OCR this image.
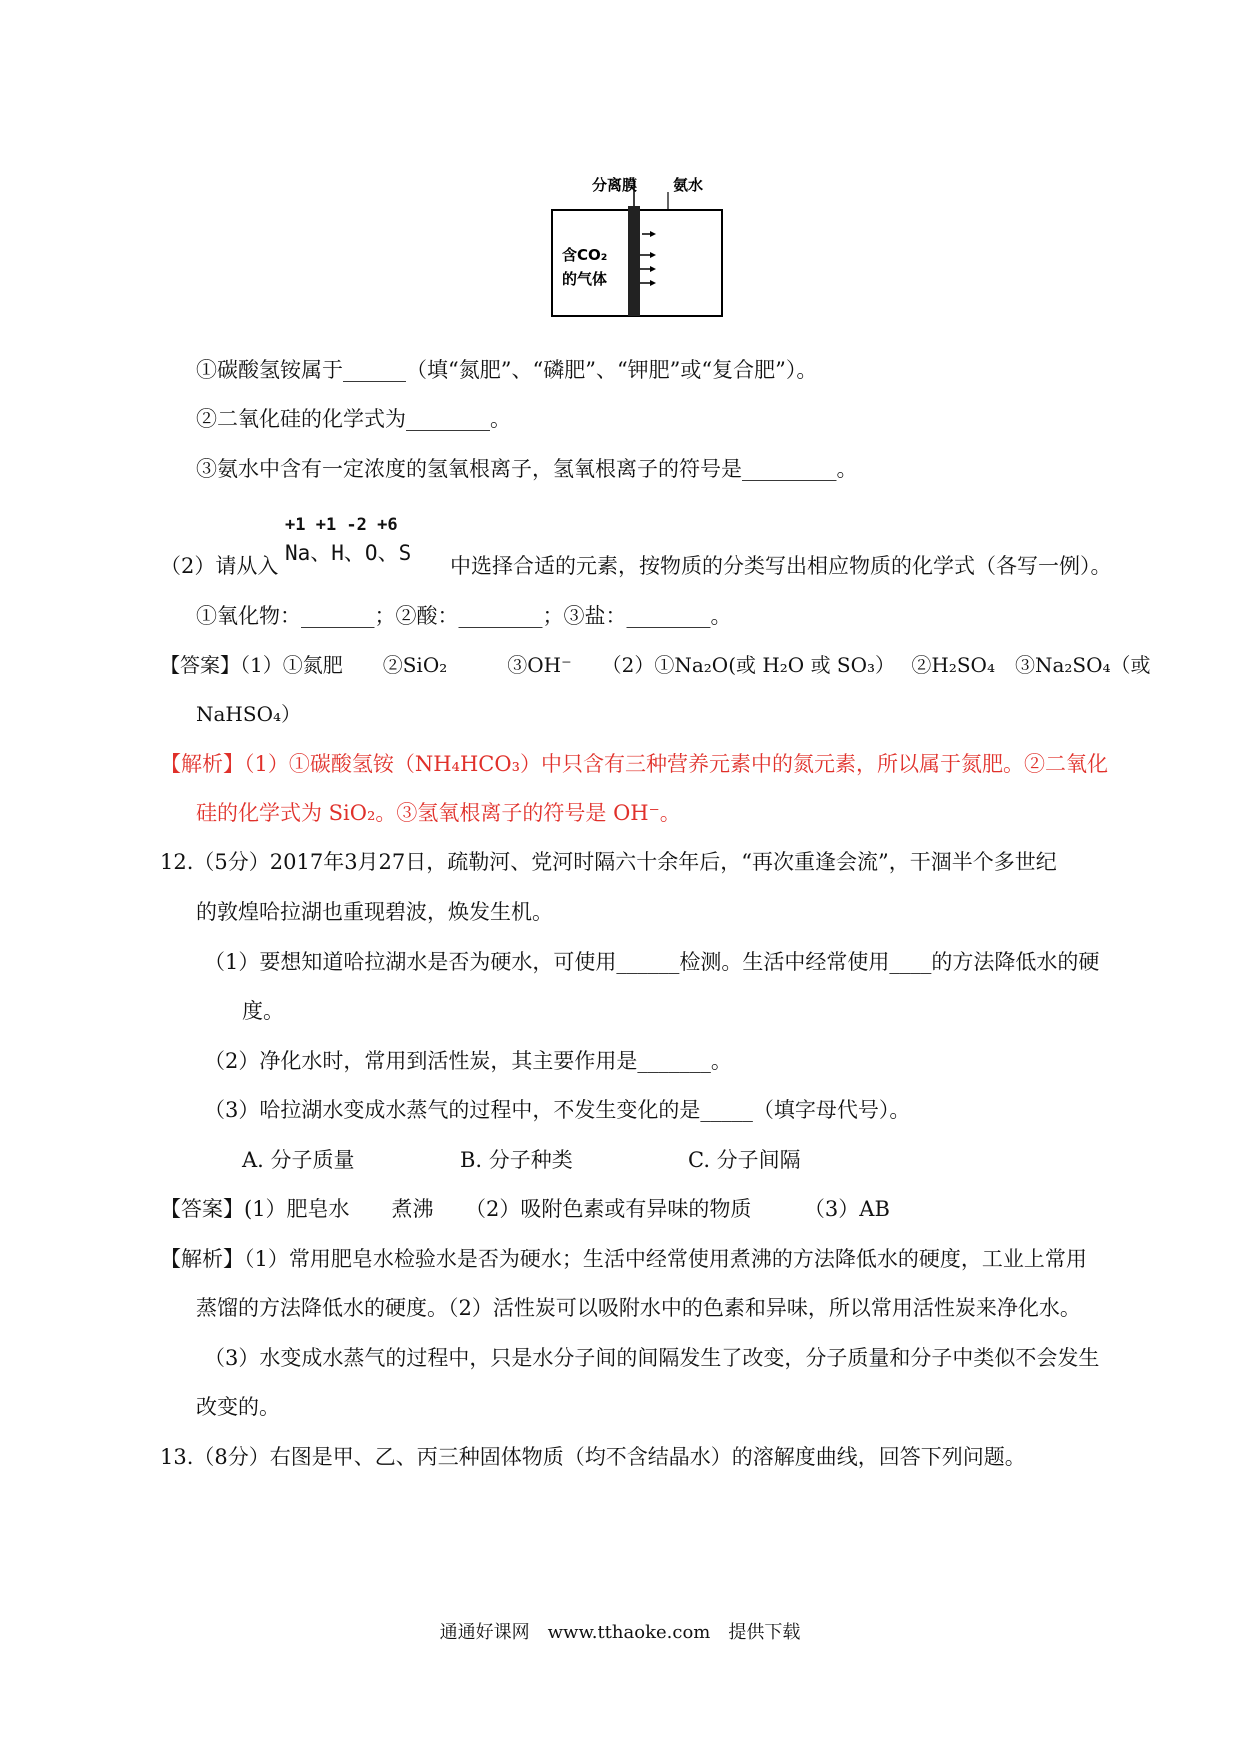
分离膜 氨水
含CO₂
的气体
①碳酸氢铵属于______（填“氮肥”、“磷肥”、“钾肥”或“复合肥”）。
②二氧化硅的化学式为________。
③氨水中含有一定浓度的氢氧根离子，氢氧根离子的符号是_________。
+1 +1 -2 +6
Na、H、O、S
（2）请从入	中选择合适的元素，按物质的分类写出相应物质的化学式（各写一例）。
①氧化物：_______；②酸：________；③盐：________。
【答案】（1）①氮肥　　②SiO₂　　　③OH⁻　　（2）①Na₂O(或 H₂O 或 SO₃）　 ②H₂SO₄　③Na₂SO₄（或
NaHSO₄）
【解析】（1）①碳酸氢铵（NH₄HCO₃）中只含有三种营养元素中的氮元素，所以属于氮肥。②二氧化
硅的化学式为 SiO₂。③氢氧根离子的符号是 OH⁻。
12.（5分）2017年3月27日，疏勒河、党河时隔六十余年后，“再次重逢会流”，干涸半个多世纪
的敦煌哈拉湖也重现碧波，焕发生机。
（1）要想知道哈拉湖水是否为硬水，可使用______检测。生活中经常使用____的方法降低水的硬
度。
（2）净化水时，常用到活性炭，其主要作用是_______。
（3）哈拉湖水变成水蒸气的过程中，不发生变化的是_____（填字母代号）。
A. 分子质量	B. 分子种类	C. 分子间隔
【答案】(1）肥皂水　　煮沸　　（2）吸附色素或有异味的物质　　　（3）AB
【解析】（1）常用肥皂水检验水是否为硬水；生活中经常使用煮沸的方法降低水的硬度，工业上常用
蒸馏的方法降低水的硬度。（2）活性炭可以吸附水中的色素和异味，所以常用活性炭来净化水。
（3）水变成水蒸气的过程中，只是水分子间的间隔发生了改变，分子质量和分子中类似不会发生
改变的。
13.（8分）右图是甲、乙、丙三种固体物质（均不含结晶水）的溶解度曲线，回答下列问题。
通通好课网　www.tthaoke.com　提供下载
